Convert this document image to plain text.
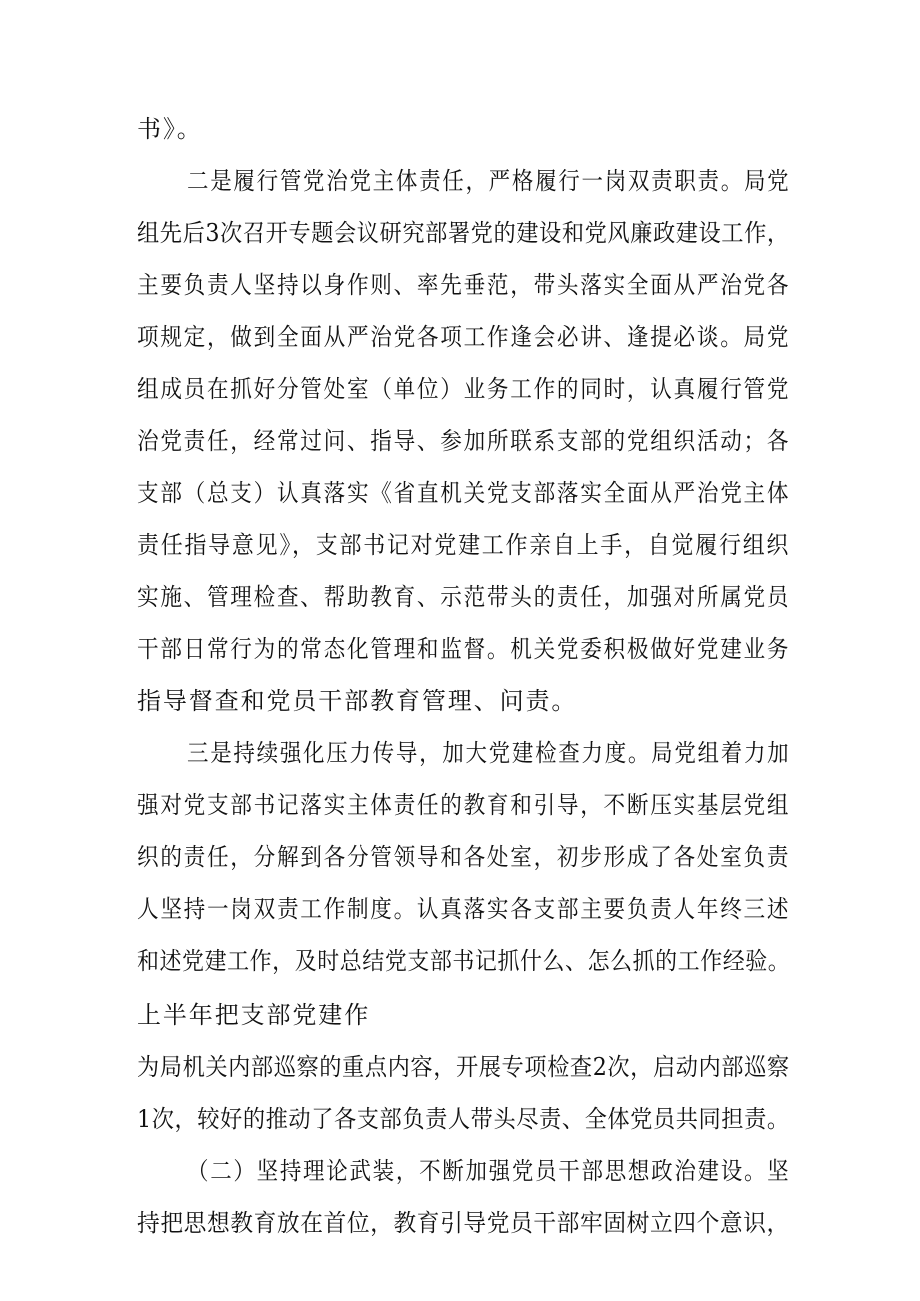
书》。
二是履行管党治党主体责任，严格履行一岗双责职责。局党
组先后3次召开专题会议研究部署党的建设和党风廉政建设工作，
主要负责人坚持以身作则、率先垂范，带头落实全面从严治党各
项规定，做到全面从严治党各项工作逢会必讲、逢提必谈。局党
组成员在抓好分管处室（单位）业务工作的同时，认真履行管党
治党责任，经常过问、指导、参加所联系支部的党组织活动；各
支部（总支）认真落实《省直机关党支部落实全面从严治党主体
责任指导意见》，支部书记对党建工作亲自上手，自觉履行组织
实施、管理检查、帮助教育、示范带头的责任，加强对所属党员
干部日常行为的常态化管理和监督。机关党委积极做好党建业务
指导督查和党员干部教育管理、问责。
三是持续强化压力传导，加大党建检查力度。局党组着力加
强对党支部书记落实主体责任的教育和引导，不断压实基层党组
织的责任，分解到各分管领导和各处室，初步形成了各处室负责
人坚持一岗双责工作制度。认真落实各支部主要负责人年终三述
和述党建工作，及时总结党支部书记抓什么、怎么抓的工作经验。
上半年把支部党建作
为局机关内部巡察的重点内容，开展专项检查2次，启动内部巡察
1次，较好的推动了各支部负责人带头尽责、全体党员共同担责。
（二）坚持理论武装，不断加强党员干部思想政治建设。坚
持把思想教育放在首位，教育引导党员干部牢固树立四个意识，
